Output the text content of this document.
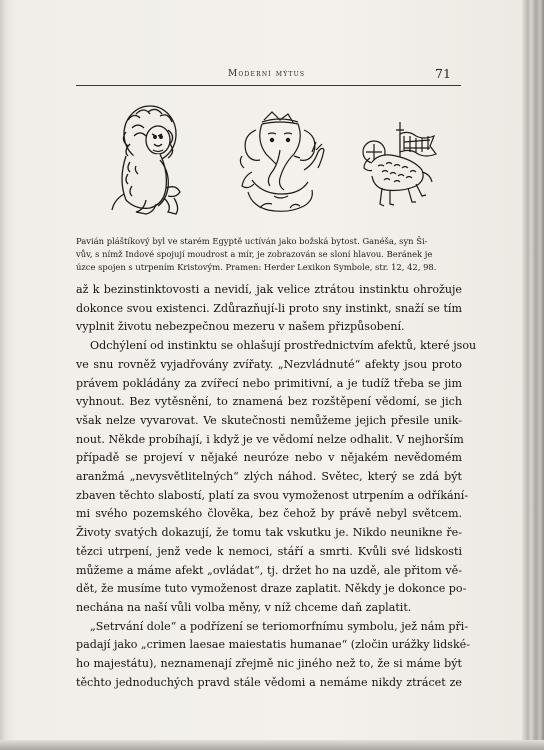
Moderní mýtus	71
Pavián pláštíkový byl ve starém Egyptě uctíván jako božská bytost. Ganéša, syn Ši-
vův, s nímž Indové spojují moudrost a mír, je zobrazován se sloní hlavou. Beránek je
úzce spojen s utrpením Kristovým. Pramen: Herder Lexikon Symbole, str. 12, 42, 98.
až k bezinstinktovosti a nevidí, jak velice ztrátou instinktu ohrožuje
dokonce svou existenci. Zdůrazňují-li proto sny instinkt, snaží se tím
vyplnit životu nebezpečnou mezeru v našem přizpůsobení.
Odchýlení od instinktu se ohlašují prostřednictvím afektů, které jsou
ve snu rovněž vyjadřovány zvířaty. „Nezvládnuté“ afekty jsou proto
právem pokládány za zvířecí nebo primitivní, a je tudíž třeba se jim
vyhnout. Bez vytěsnění, to znamená bez rozštěpení vědomí, se jich
však nelze vyvarovat. Ve skutečnosti nemůžeme jejich přesile unik-
nout. Někde probíhají, i když je ve vědomí nelze odhalit. V nejhorším
případě se projeví v nějaké neuróze nebo v nějakém nevědomém
aranžmá „nevysvětlitelných“ zlých náhod. Světec, který se zdá být
zbaven těchto slabostí, platí za svou vymoženost utrpením a odříkání-
mi svého pozemského člověka, bez čehož by právě nebyl světcem.
Životy svatých dokazují, že tomu tak vskutku je. Nikdo neunikne ře-
tězci utrpení, jenž vede k nemoci, stáří a smrti. Kvůli své lidskosti
můžeme a máme afekt „ovládat“, tj. držet ho na uzdě, ale přitom vě-
dět, že musíme tuto vymoženost draze zaplatit. Někdy je dokonce po-
nechána na naší vůli volba měny, v níž chceme daň zaplatit.
„Setrvání dole“ a podřízení se teriomorfnímu symbolu, jež nám při-
padají jako „crimen laesae maiestatis humanae“ (zločin urážky lidské-
ho majestátu), neznamenají zřejmě nic jiného než to, že si máme být
těchto jednoduchých pravd stále vědomi a nemáme nikdy ztrácet ze
